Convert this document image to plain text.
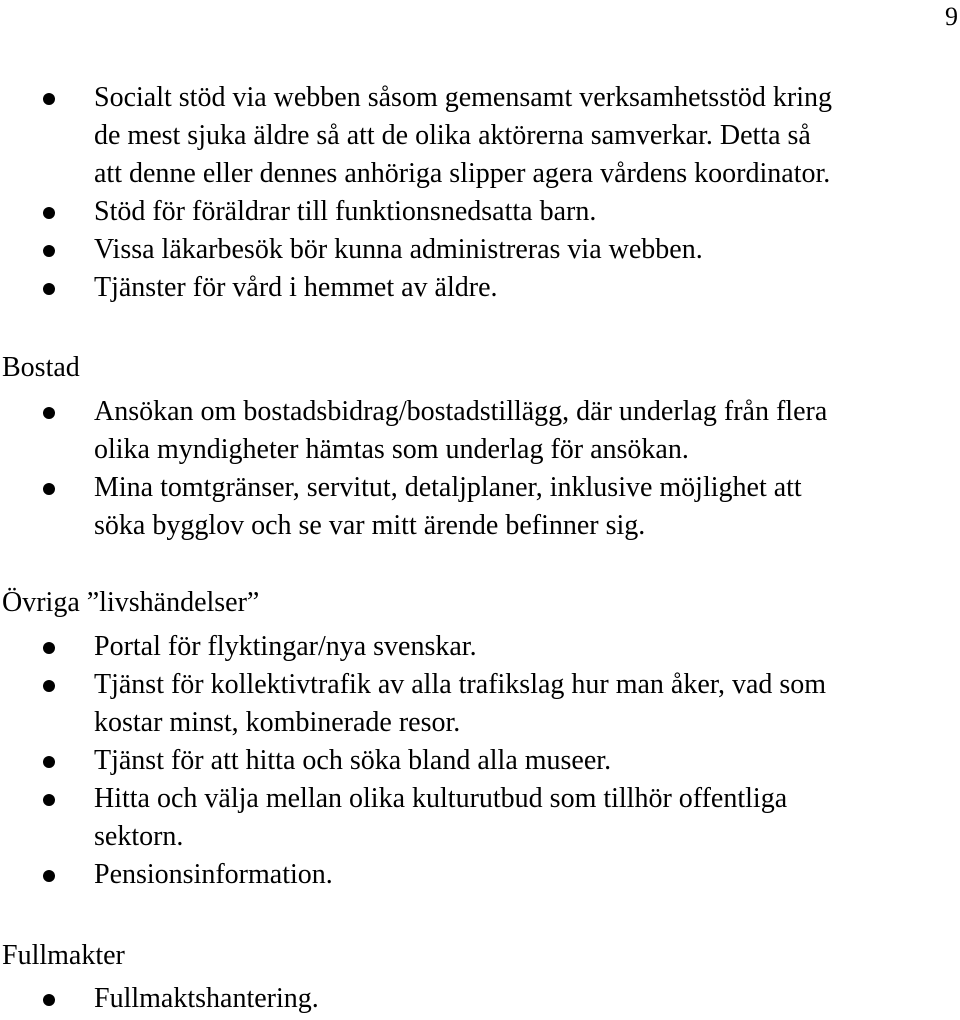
9
Socialt stöd via webben såsom gemensamt verksamhetsstöd kring
de mest sjuka äldre så att de olika aktörerna samverkar. Detta så
att denne eller dennes anhöriga slipper agera vårdens koordinator.
Stöd för föräldrar till funktionsnedsatta barn.
Vissa läkarbesök bör kunna administreras via webben.
Tjänster för vård i hemmet av äldre.
Bostad
Ansökan om bostadsbidrag/bostadstillägg, där underlag från flera
olika myndigheter hämtas som underlag för ansökan.
Mina tomtgränser, servitut, detaljplaner, inklusive möjlighet att
söka bygglov och se var mitt ärende befinner sig.
Övriga ”livshändelser”
Portal för flyktingar/nya svenskar.
Tjänst för kollektivtrafik av alla trafikslag hur man åker, vad som
kostar minst, kombinerade resor.
Tjänst för att hitta och söka bland alla museer.
Hitta och välja mellan olika kulturutbud som tillhör offentliga
sektorn.
Pensionsinformation.
Fullmakter
Fullmaktshantering.
